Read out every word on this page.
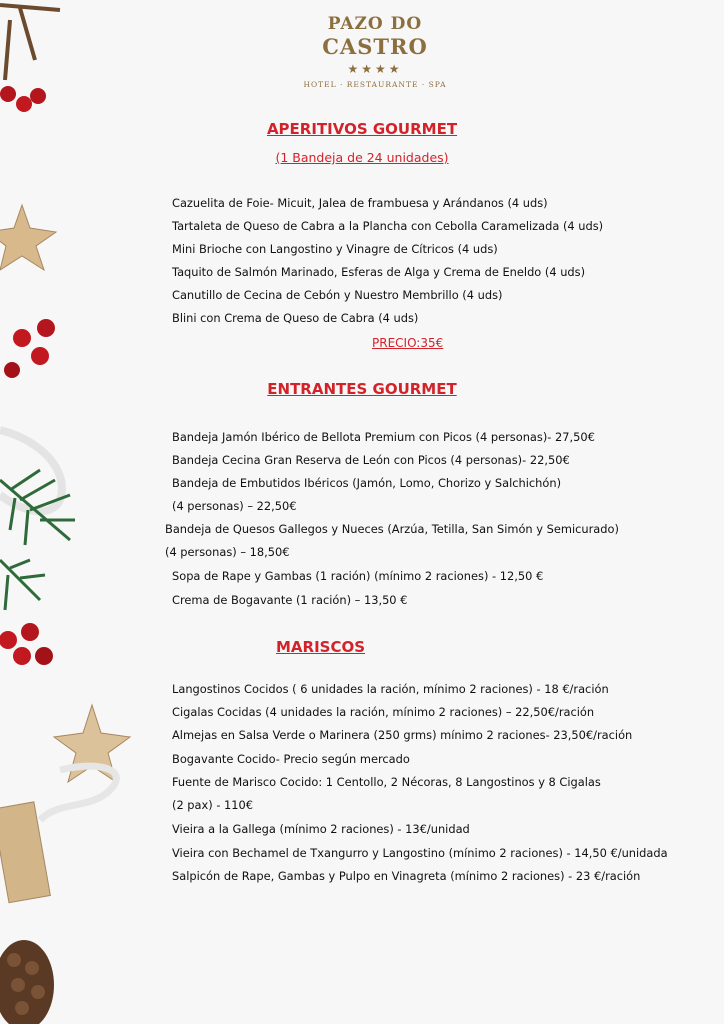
PAZO DO
CASTRO
★★★★
HOTEL · RESTAURANTE · SPA
APERITIVOS GOURMET
(1 Bandeja de 24 unidades)
Cazuelita de Foie- Micuit, Jalea de frambuesa y Arándanos (4 uds)
Tartaleta de Queso de Cabra a la Plancha con Cebolla Caramelizada (4 uds)
Mini Brioche con Langostino y Vinagre de Cítricos (4 uds)
Taquito de Salmón Marinado, Esferas de Alga y Crema de Eneldo (4 uds)
Canutillo de Cecina de Cebón y Nuestro Membrillo (4 uds)
Blini con Crema de Queso de Cabra (4 uds)
PRECIO:35€
ENTRANTES GOURMET
Bandeja Jamón Ibérico de Bellota Premium con Picos (4 personas)- 27,50€
Bandeja Cecina Gran Reserva de León con Picos (4 personas)- 22,50€
Bandeja de Embutidos Ibéricos (Jamón, Lomo, Chorizo y Salchichón)
(4 personas) – 22,50€
Bandeja de Quesos Gallegos y Nueces (Arzúa, Tetilla, San Simón y Semicurado)
(4 personas) – 18,50€
Sopa de Rape y Gambas (1 ración) (mínimo 2 raciones) - 12,50 €
Crema de Bogavante (1 ración) – 13,50 €
MARISCOS
Langostinos Cocidos ( 6 unidades la ración, mínimo 2 raciones) - 18 €/ración
Cigalas Cocidas (4 unidades la ración, mínimo 2 raciones) – 22,50€/ración
Almejas en Salsa Verde o Marinera (250 grms) mínimo 2 raciones- 23,50€/ración
Bogavante Cocido- Precio según mercado
Fuente de Marisco Cocido: 1 Centollo, 2 Nécoras, 8 Langostinos y 8 Cigalas
(2 pax) - 110€
Vieira a la Gallega (mínimo 2 raciones) - 13€/unidad
Vieira con Bechamel de Txangurro y Langostino (mínimo 2 raciones) - 14,50 €/unidada
Salpicón de Rape, Gambas y Pulpo en Vinagreta (mínimo 2 raciones) - 23 €/ración
